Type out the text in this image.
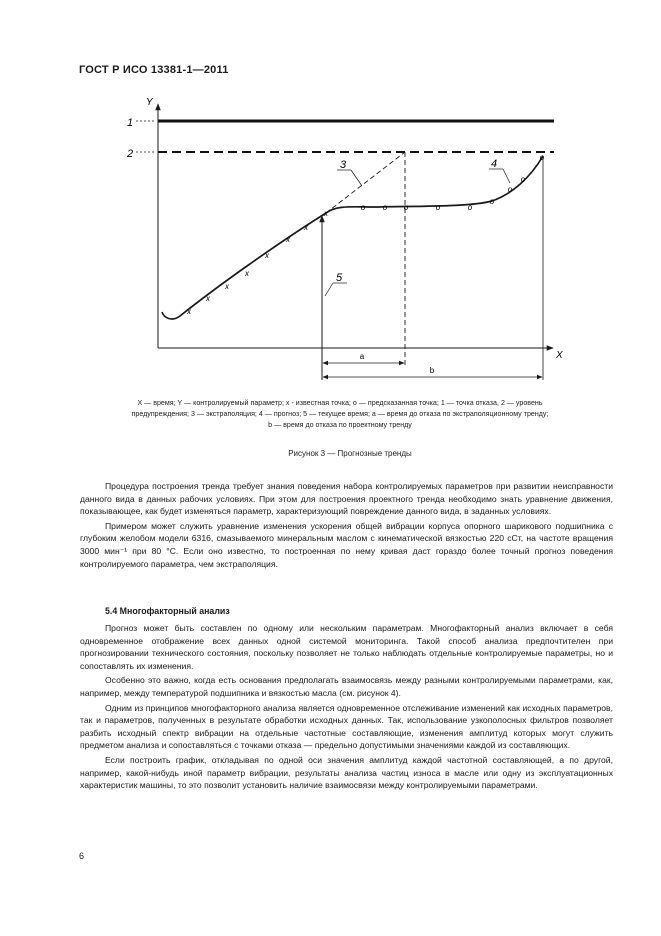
ГОСТ Р ИСО 13381-1—2011
Y
X
1
2
3
x
x
x
x
x
x
x
x
o o o	o	o
o
o
o
o
4
5
a
b

X — время; Y — контролируемый параметр; x - известная точка; o — предсказанная точка; 1 — точка отказа, 2 — уровень

предупреждения; 3 — экстраполяция; 4 — прогноз; 5 — текущее время; a — время до отказа по экстраполяционному тренду;

b — время до отказа по проектному тренду

Рисунок 3 — Прогнозные тренды

Процедура построения тренда требует знания поведения набора контролируемых параметров при развитии неисправности данного вида в данных рабочих условиях. При этом для построения проектного тренда необходимо знать уравнение движения, показывающее, как будет изменяться параметр, характеризующий повреждение данного вида, в заданных условиях.

Примером может служить уравнение изменения ускорения общей вибрации корпуса опорного шарикового подшипника с глубоким желобом модели 6316, смазываемого минеральным маслом с кинематической вязкостью 220 сСт, на частоте вращения 3000 мин⁻¹ при 80 °С. Если оно известно, то построенная по нему кривая даст гораздо более точный прогноз поведения контролируемого параметра, чем экстраполяция.

5.4 Многофакторный анализ

Прогноз может быть составлен по одному или нескольким параметрам. Многофакторный анализ включает в себя одновременное отображение всех данных одной системой мониторинга. Такой способ анализа предпочтителен при прогнозировании технического состояния, поскольку позволяет не только наблюдать отдельные контролируемые параметры, но и сопоставлять их изменения.

Особенно это важно, когда есть основания предполагать взаимосвязь между разными контролируемыми параметрами, как, например, между температурой подшипника и вязкостью масла (см. рисунок 4).

Одним из принципов многофакторного анализа является одновременное отслеживание изменений как исходных параметров, так и параметров, полученных в результате обработки исходных данных. Так, использование узкополосных фильтров позволяет разбить исходный спектр вибрации на отдельные частотные составляющие, изменения амплитуд которых могут служить предметом анализа и сопоставляться с точками отказа — предельно допустимыми значениями каждой из составляющих.

Если построить график, откладывая по одной оси значения амплитуд каждой частотной составляющей, а по другой, например, какой-нибудь иной параметр вибрации, результаты анализа частиц износа в масле или одну из эксплуатационных характеристик машины, то это позволит установить наличие взаимосвязи между контролируемыми параметрами.

6
